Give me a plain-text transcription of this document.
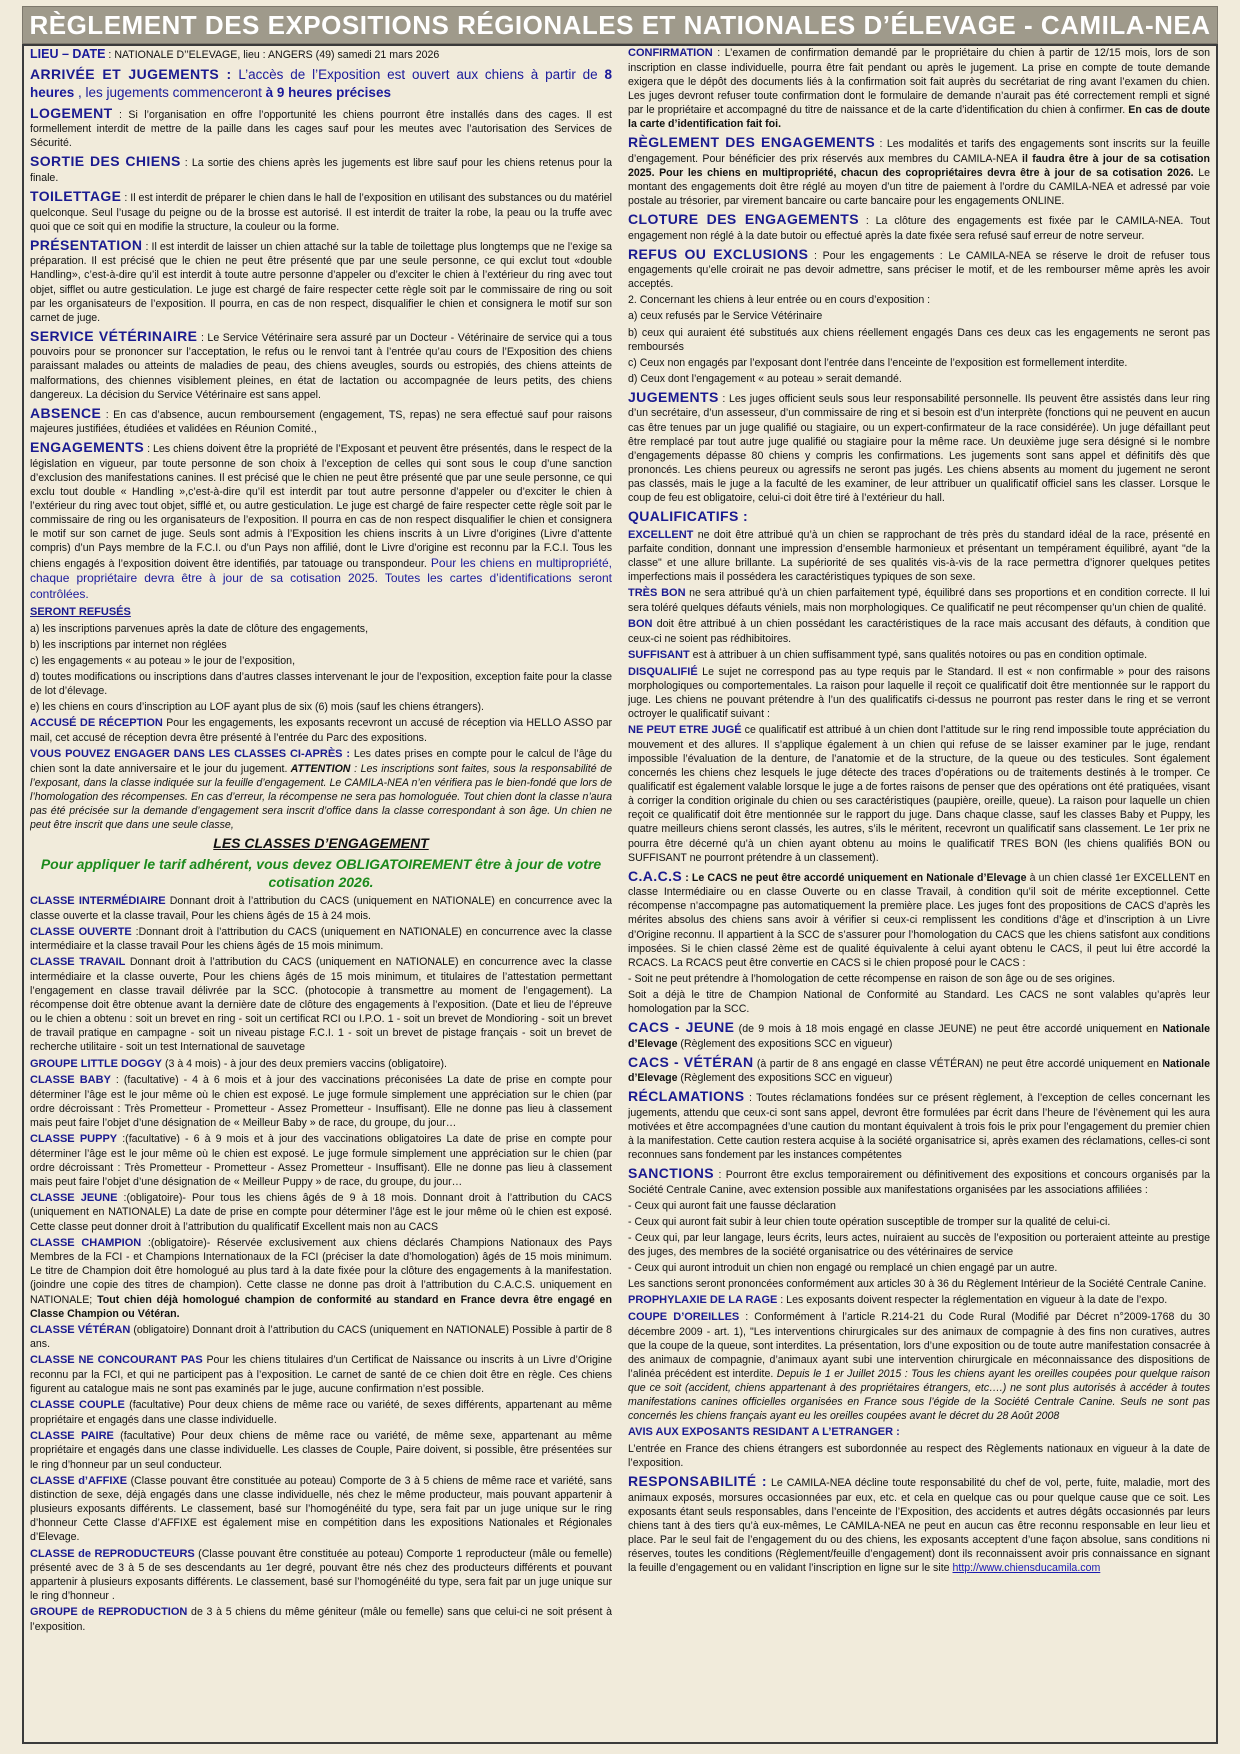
RÈGLEMENT DES EXPOSITIONS RÉGIONALES ET NATIONALES D’ÉLEVAGE - CAMILA-NEA

LIEU – DATE : NATIONALE D’’ELEVAGE, lieu : ANGERS (49) samedi 21 mars 2026

ARRIVÉE ET JUGEMENTS : L’accès de l’Exposition est ouvert aux chiens à partir de 8 heures , les jugements commenceront à 9 heures précises

LOGEMENT : Si l’organisation en offre l’opportunité les chiens pourront être installés dans des cages. Il est formellement interdit de mettre de la paille dans les cages sauf pour les meutes avec l’autorisation des Services de Sécurité.

SORTIE DES CHIENS : La sortie des chiens après les jugements est libre sauf pour les chiens retenus pour la finale.

TOILETTAGE : Il est interdit de préparer le chien dans le hall de l’exposition en utilisant des substances ou du matériel quelconque. Seul l’usage du peigne ou de la brosse est autorisé. Il est interdit de traiter la robe, la peau ou la truffe avec quoi que ce soit qui en modifie la structure, la couleur ou la forme.

PRÉSENTATION : Il est interdit de laisser un chien attaché sur la table de toilettage plus longtemps que ne l’exige sa préparation. Il est précisé que le chien ne peut être présenté que par une seule personne, ce qui exclut tout «double Handling», c’est-à-dire qu’il est interdit à toute autre personne d’appeler ou d’exciter le chien à l’extérieur du ring avec tout objet, sifflet ou autre gesticulation. Le juge est chargé de faire respecter cette règle soit par le commissaire de ring ou soit par les organisateurs de l’exposition. Il pourra, en cas de non respect, disqualifier le chien et consignera le motif sur son carnet de juge.

SERVICE VÉTÉRINAIRE : Le Service Vétérinaire sera assuré par un Docteur - Vétérinaire de service qui a tous pouvoirs pour se prononcer sur l’acceptation, le refus ou le renvoi tant à l’entrée qu’au cours de l’Exposition des chiens paraissant malades ou atteints de maladies de peau, des chiens aveugles, sourds ou estropiés, des chiens atteints de malformations, des chiennes visiblement pleines, en état de lactation ou accompagnée de leurs petits, des chiens dangereux. La décision du Service Vétérinaire est sans appel.

ABSENCE : En cas d’absence, aucun remboursement (engagement, TS, repas) ne sera effectué sauf pour raisons majeures justifiées, étudiées et validées en Réunion Comité.,

ENGAGEMENTS : Les chiens doivent être la propriété de l’Exposant et peuvent être présentés, dans le respect de la législation en vigueur, par toute personne de son choix à l’exception de celles qui sont sous le coup d’une sanction d’exclusion des manifestations canines. Il est précisé que le chien ne peut être présenté que par une seule personne, ce qui exclu tout double « Handling »,c’est-à-dire qu’il est interdit par tout autre personne d’appeler ou d’exciter le chien à l’extérieur du ring avec tout objet, sifflé et, ou autre gesticulation. Le juge est chargé de faire respecter cette règle soit par le commissaire de ring ou les organisateurs de l’exposition. Il pourra en cas de non respect disqualifier le chien et consignera le motif sur son carnet de juge. Seuls sont admis à l’Exposition les chiens inscrits à un Livre d’origines (Livre d’attente compris) d’un Pays membre de la F.C.I. ou d’un Pays non affilié, dont le Livre d’origine est reconnu par la F.C.I. Tous les chiens engagés à l’exposition doivent être identifiés, par tatouage ou transpondeur. Pour les chiens en multipropriété, chaque propriétaire devra être à jour de sa cotisation 2025. Toutes les cartes d’identifications seront contrôlées.

SERONT REFUSÉS

a) les inscriptions parvenues après la date de clôture des engagements,

b) les inscriptions par internet non réglées

c) les engagements « au poteau » le jour de l’exposition,

d) toutes modifications ou inscriptions dans d’autres classes intervenant le jour de l’exposition, exception faite pour la classe de lot d’élevage.

e) les chiens en cours d’inscription au LOF ayant plus de six (6) mois (sauf les chiens étrangers).

ACCUSÉ DE RÉCEPTION Pour les engagements, les exposants recevront un accusé de réception via HELLO ASSO par mail, cet accusé de réception devra être présenté à l’entrée du Parc des expositions.

VOUS POUVEZ ENGAGER DANS LES CLASSES CI-APRÈS : Les dates prises en compte pour le calcul de l’âge du chien sont la date anniversaire et le jour du jugement. ATTENTION : Les inscriptions sont faites, sous la responsabilité de l’exposant, dans la classe indiquée sur la feuille d’engagement. Le CAMILA-NEA n’en vérifiera pas le bien-fondé que lors de l’homologation des récompenses. En cas d’erreur, la récompense ne sera pas homologuée. Tout chien dont la classe n’aura pas été précisée sur la demande d’engagement sera inscrit d’office dans la classe correspondant à son âge. Un chien ne peut être inscrit que dans une seule classe,

LES CLASSES D’ENGAGEMENT

Pour appliquer le tarif adhérent, vous devez OBLIGATOIREMENT être à jour de votre cotisation 2026.

CLASSE INTERMÉDIAIRE Donnant droit à l’attribution du CACS (uniquement en NATIONALE) en concurrence avec la classe ouverte et la classe travail, Pour les chiens âgés de 15 à 24 mois.

CLASSE OUVERTE :Donnant droit à l’attribution du CACS (uniquement en NATIONALE) en concurrence avec la classe intermédiaire et la classe travail Pour les chiens âgés de 15 mois minimum.

CLASSE TRAVAIL Donnant droit à l’attribution du CACS (uniquement en NATIONALE) en concurrence avec la classe intermédiaire et la classe ouverte, Pour les chiens âgés de 15 mois minimum, et titulaires de l’attestation permettant l’engagement en classe travail délivrée par la SCC. (photocopie à transmettre au moment de l’engagement). La récompense doit être obtenue avant la dernière date de clôture des engagements à l’exposition. (Date et lieu de l’épreuve ou le chien a obtenu : soit un brevet en ring - soit un certificat RCI ou I.P.O. 1 - soit un brevet de Mondioring - soit un brevet de travail pratique en campagne - soit un niveau pistage F.C.I. 1 - soit un brevet de pistage français - soit un brevet de recherche utilitaire - soit un test International de sauvetage

GROUPE LITTLE DOGGY (3 à 4 mois) - à jour des deux premiers vaccins (obligatoire).

CLASSE BABY : (facultative) - 4 à 6 mois et à jour des vaccinations préconisées La date de prise en compte pour déterminer l’âge est le jour même où le chien est exposé. Le juge formule simplement une appréciation sur le chien (par ordre décroissant : Très Prometteur - Prometteur - Assez Prometteur - Insuffisant). Elle ne donne pas lieu à classement mais peut faire l’objet d’une désignation de « Meilleur Baby » de race, du groupe, du jour…

CLASSE PUPPY :(facultative) - 6 à 9 mois et à jour des vaccinations obligatoires La date de prise en compte pour déterminer l’âge est le jour même où le chien est exposé. Le juge formule simplement une appréciation sur le chien (par ordre décroissant : Très Prometteur - Prometteur - Assez Prometteur - Insuffisant). Elle ne donne pas lieu à classement mais peut faire l’objet d’une désignation de « Meilleur Puppy » de race, du groupe, du jour…

CLASSE JEUNE :(obligatoire)- Pour tous les chiens âgés de 9 à 18 mois. Donnant droit à l’attribution du CACS (uniquement en NATIONALE) La date de prise en compte pour déterminer l’âge est le jour même où le chien est exposé. Cette classe peut donner droit à l’attribution du qualificatif Excellent mais non au CACS

CLASSE CHAMPION :(obligatoire)- Réservée exclusivement aux chiens déclarés Champions Nationaux des Pays Membres de la FCI - et Champions Internationaux de la FCI (préciser la date d’homologation) âgés de 15 mois minimum. Le titre de Champion doit être homologué au plus tard à la date fixée pour la clôture des engagements à la manifestation. (joindre une copie des titres de champion). Cette classe ne donne pas droit à l’attribution du C.A.C.S. uniquement en NATIONALE; Tout chien déjà homologué champion de conformité au standard en France devra être engagé en Classe Champion ou Vétéran.

CLASSE VÉTÉRAN (obligatoire) Donnant droit à l’attribution du CACS (uniquement en NATIONALE) Possible à partir de 8 ans.

CLASSE NE CONCOURANT PAS Pour les chiens titulaires d’un Certificat de Naissance ou inscrits à un Livre d’Origine reconnu par la FCI, et qui ne participent pas à l’exposition. Le carnet de santé de ce chien doit être en règle. Ces chiens figurent au catalogue mais ne sont pas examinés par le juge, aucune confirmation n’est possible.

CLASSE COUPLE (facultative) Pour deux chiens de même race ou variété, de sexes différents, appartenant au même propriétaire et engagés dans une classe individuelle.

CLASSE PAIRE (facultative) Pour deux chiens de même race ou variété, de même sexe, appartenant au même propriétaire et engagés dans une classe individuelle. Les classes de Couple, Paire doivent, si possible, être présentées sur le ring d’honneur par un seul conducteur.

CLASSE d’AFFIXE (Classe pouvant être constituée au poteau) Comporte de 3 à 5 chiens de même race et variété, sans distinction de sexe, déjà engagés dans une classe individuelle, nés chez le même producteur, mais pouvant appartenir à plusieurs exposants différents. Le classement, basé sur l’homogénéité du type, sera fait par un juge unique sur le ring d’honneur Cette Classe d’AFFIXE est également mise en compétition dans les expositions Nationales et Régionales d’Elevage.

CLASSE de REPRODUCTEURS (Classe pouvant être constituée au poteau) Comporte 1 reproducteur (mâle ou femelle) présenté avec de 3 à 5 de ses descendants au 1er degré, pouvant être nés chez des producteurs différents et pouvant appartenir à plusieurs exposants différents. Le classement, basé sur l’homogénéité du type, sera fait par un juge unique sur le ring d’honneur .

GROUPE de REPRODUCTION de 3 à 5 chiens du même géniteur (mâle ou femelle) sans que celui-ci ne soit présent à l’exposition.

CONFIRMATION : L’examen de confirmation demandé par le propriétaire du chien à partir de 12/15 mois, lors de son inscription en classe individuelle, pourra être fait pendant ou après le jugement. La prise en compte de toute demande exigera que le dépôt des documents liés à la confirmation soit fait auprès du secrétariat de ring avant l’examen du chien. Les juges devront refuser toute confirmation dont le formulaire de demande n’aurait pas été correctement rempli et signé par le propriétaire et accompagné du titre de naissance et de la carte d’identification du chien à confirmer. En cas de doute la carte d’identification fait foi.

RÈGLEMENT DES ENGAGEMENTS : Les modalités et tarifs des engagements sont inscrits sur la feuille d’engagement. Pour bénéficier des prix réservés aux membres du CAMILA-NEA il faudra être à jour de sa cotisation 2025. Pour les chiens en multipropriété, chacun des copropriétaires devra être à jour de sa cotisation 2026. Le montant des engagements doit être réglé au moyen d’un titre de paiement à l’ordre du CAMILA-NEA et adressé par voie postale au trésorier, par virement bancaire ou carte bancaire pour les engagements ONLINE.

CLOTURE DES ENGAGEMENTS : La clôture des engagements est fixée par le CAMILA-NEA. Tout engagement non réglé à la date butoir ou effectué après la date fixée sera refusé sauf erreur de notre serveur.

REFUS OU EXCLUSIONS : Pour les engagements : Le CAMILA-NEA se réserve le droit de refuser tous engagements qu’elle croirait ne pas devoir admettre, sans préciser le motif, et de les rembourser même après les avoir acceptés.

2. Concernant les chiens à leur entrée ou en cours d’exposition :

a) ceux refusés par le Service Vétérinaire

b) ceux qui auraient été substitués aux chiens réellement engagés Dans ces deux cas les engagements ne seront pas remboursés

c) Ceux non engagés par l’exposant dont l’entrée dans l’enceinte de l’exposition est formellement interdite.

d) Ceux dont l’engagement « au poteau » serait demandé.

JUGEMENTS : Les juges officient seuls sous leur responsabilité personnelle. Ils peuvent être assistés dans leur ring d’un secrétaire, d’un assesseur, d’un commissaire de ring et si besoin est d’un interprète (fonctions qui ne peuvent en aucun cas être tenues par un juge qualifié ou stagiaire, ou un expert-confirmateur de la race considérée). Un juge défaillant peut être remplacé par tout autre juge qualifié ou stagiaire pour la même race. Un deuxième juge sera désigné si le nombre d’engagements dépasse 80 chiens y compris les confirmations. Les jugements sont sans appel et définitifs dès que prononcés. Les chiens peureux ou agressifs ne seront pas jugés. Les chiens absents au moment du jugement ne seront pas classés, mais le juge a la faculté de les examiner, de leur attribuer un qualificatif officiel sans les classer. Lorsque le coup de feu est obligatoire, celui-ci doit être tiré à l’extérieur du hall.

QUALIFICATIFS :

EXCELLENT ne doit être attribué qu’à un chien se rapprochant de très près du standard idéal de la race, présenté en parfaite condition, donnant une impression d’ensemble harmonieux et présentant un tempérament équilibré, ayant "de la classe" et une allure brillante. La supériorité de ses qualités vis-à-vis de la race permettra d’ignorer quelques petites imperfections mais il possédera les caractéristiques typiques de son sexe.

TRÈS BON ne sera attribué qu’à un chien parfaitement typé, équilibré dans ses proportions et en condition correcte. Il lui sera toléré quelques défauts véniels, mais non morphologiques. Ce qualificatif ne peut récompenser qu’un chien de qualité.

BON doit être attribué à un chien possédant les caractéristiques de la race mais accusant des défauts, à condition que ceux-ci ne soient pas rédhibitoires.

SUFFISANT est à attribuer à un chien suffisamment typé, sans qualités notoires ou pas en condition optimale.

DISQUALIFIÉ Le sujet ne correspond pas au type requis par le Standard. Il est « non confirmable » pour des raisons morphologiques ou comportementales. La raison pour laquelle il reçoit ce qualificatif doit être mentionnée sur le rapport du juge. Les chiens ne pouvant prétendre à l’un des qualificatifs ci-dessus ne pourront pas rester dans le ring et se verront octroyer le qualificatif suivant :

NE PEUT ETRE JUGÉ ce qualificatif est attribué à un chien dont l’attitude sur le ring rend impossible toute appréciation du mouvement et des allures. Il s’applique également à un chien qui refuse de se laisser examiner par le juge, rendant impossible l’évaluation de la denture, de l’anatomie et de la structure, de la queue ou des testicules. Sont également concernés les chiens chez lesquels le juge détecte des traces d’opérations ou de traitements destinés à le tromper. Ce qualificatif est également valable lorsque le juge a de fortes raisons de penser que des opérations ont été pratiquées, visant à corriger la condition originale du chien ou ses caractéristiques (paupière, oreille, queue). La raison pour laquelle un chien reçoit ce qualificatif doit être mentionnée sur le rapport du juge. Dans chaque classe, sauf les classes Baby et Puppy, les quatre meilleurs chiens seront classés, les autres, s’ils le méritent, recevront un qualificatif sans classement. Le 1er prix ne pourra être décerné qu’à un chien ayant obtenu au moins le qualificatif TRES BON (les chiens qualifiés BON ou SUFFISANT ne pourront prétendre à un classement).

C.A.C.S : Le CACS ne peut être accordé uniquement en Nationale d’Elevage à un chien classé 1er EXCELLENT en classe Intermédiaire ou en classe Ouverte ou en classe Travail, à condition qu’il soit de mérite exceptionnel. Cette récompense n’accompagne pas automatiquement la première place. Les juges font des propositions de CACS d’après les mérites absolus des chiens sans avoir à vérifier si ceux-ci remplissent les conditions d’âge et d’inscription à un Livre d’Origine reconnu. Il appartient à la SCC de s’assurer pour l’homologation du CACS que les chiens satisfont aux conditions imposées. Si le chien classé 2ème est de qualité équivalente à celui ayant obtenu le CACS, il peut lui être accordé la RCACS. La RCACS peut être convertie en CACS si le chien proposé pour le CACS :

- Soit ne peut prétendre à l’homologation de cette récompense en raison de son âge ou de ses origines.

Soit a déjà le titre de Champion National de Conformité au Standard. Les CACS ne sont valables qu’après leur homologation par la SCC.

CACS - JEUNE (de 9 mois à 18 mois engagé en classe JEUNE) ne peut être accordé uniquement en Nationale d’Elevage (Règlement des expositions SCC en vigueur)

CACS - VÉTÉRAN (à partir de 8 ans engagé en classe VÉTÉRAN) ne peut être accordé uniquement en Nationale d’Elevage (Règlement des expositions SCC en vigueur)

RÉCLAMATIONS : Toutes réclamations fondées sur ce présent règlement, à l’exception de celles concernant les jugements, attendu que ceux-ci sont sans appel, devront être formulées par écrit dans l’heure de l’évènement qui les aura motivées et être accompagnées d’une caution du montant équivalent à trois fois le prix pour l’engagement du premier chien à la manifestation. Cette caution restera acquise à la société organisatrice si, après examen des réclamations, celles-ci sont reconnues sans fondement par les instances compétentes

SANCTIONS : Pourront être exclus temporairement ou définitivement des expositions et concours organisés par la Société Centrale Canine, avec extension possible aux manifestations organisées par les associations affiliées :

- Ceux qui auront fait une fausse déclaration

- Ceux qui auront fait subir à leur chien toute opération susceptible de tromper sur la qualité de celui-ci.

- Ceux qui, par leur langage, leurs écrits, leurs actes, nuiraient au succès de l’exposition ou porteraient atteinte au prestige des juges, des membres de la société organisatrice ou des vétérinaires de service

- Ceux qui auront introduit un chien non engagé ou remplacé un chien engagé par un autre.

Les sanctions seront prononcées conformément aux articles 30 à 36 du Règlement Intérieur de la Société Centrale Canine.

PROPHYLAXIE DE LA RAGE : Les exposants doivent respecter la réglementation en vigueur à la date de l’expo.

COUPE D’OREILLES : Conformément à l’article R.214-21 du Code Rural (Modifié par Décret n°2009-1768 du 30 décembre 2009 - art. 1), "Les interventions chirurgicales sur des animaux de compagnie à des fins non curatives, autres que la coupe de la queue, sont interdites. La présentation, lors d’une exposition ou de toute autre manifestation consacrée à des animaux de compagnie, d’animaux ayant subi une intervention chirurgicale en méconnaissance des dispositions de l’alinéa précédent est interdite. Depuis le 1 er Juillet 2015 : Tous les chiens ayant les oreilles coupées pour quelque raison que ce soit (accident, chiens appartenant à des propriétaires étrangers, etc….) ne sont plus autorisés à accéder à toutes manifestations canines officielles organisées en France sous l’égide de la Société Centrale Canine. Seuls ne sont pas concernés les chiens français ayant eu les oreilles coupées avant le décret du 28 Août 2008

AVIS AUX EXPOSANTS RESIDANT A L’ETRANGER :

L’entrée en France des chiens étrangers est subordonnée au respect des Règlements nationaux en vigueur à la date de l’exposition.

RESPONSABILITÉ : Le CAMILA-NEA décline toute responsabilité du chef de vol, perte, fuite, maladie, mort des animaux exposés, morsures occasionnées par eux, etc. et cela en quelque cas ou pour quelque cause que ce soit. Les exposants étant seuls responsables, dans l’enceinte de l’Exposition, des accidents et autres dégâts occasionnés par leurs chiens tant à des tiers qu’à eux-mêmes, Le CAMILA-NEA ne peut en aucun cas être reconnu responsable en leur lieu et place. Par le seul fait de l’engagement du ou des chiens, les exposants acceptent d’une façon absolue, sans conditions ni réserves, toutes les conditions (Règlement/feuille d’engagement) dont ils reconnaissent avoir pris connaissance en signant la feuille d’engagement ou en validant l’inscription en ligne sur le site http://www.chiensducamila.com
